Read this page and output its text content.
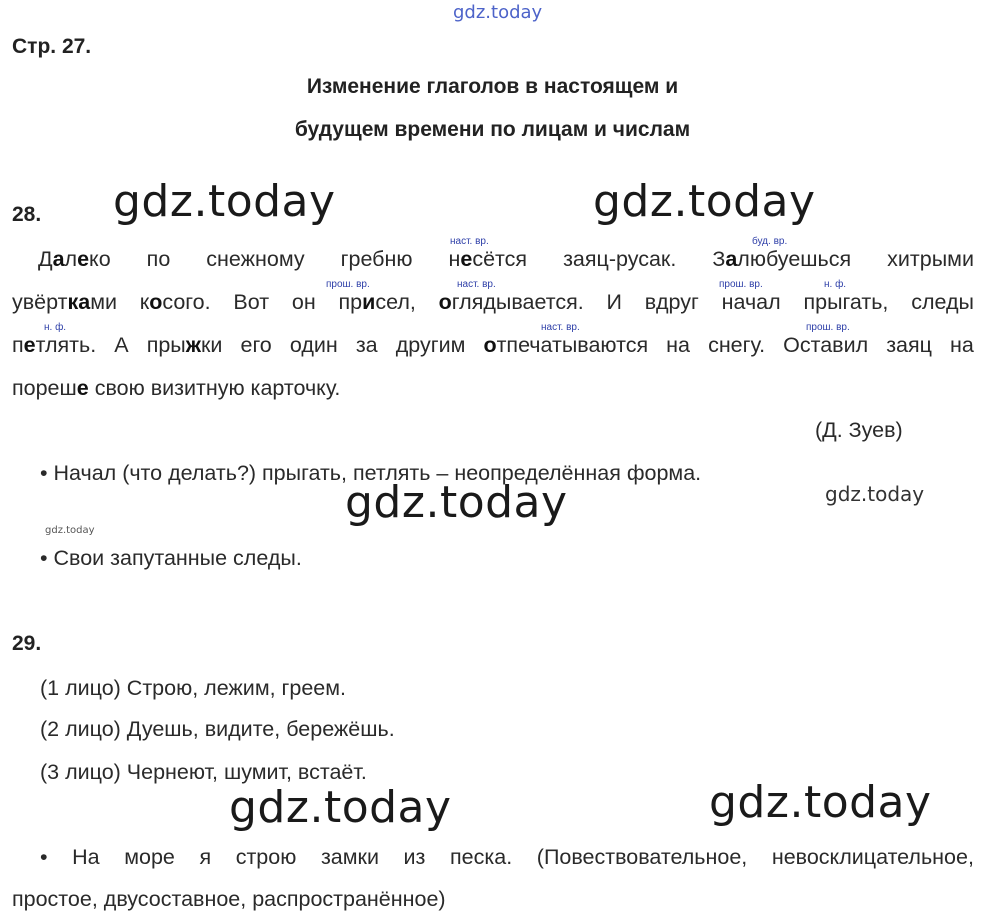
gdz.today
gdz.today	gdz.today
gdz.today	gdz.today
gdz.today
gdz.today	gdz.today
Стр. 27.
Изменение глаголов в настоящем и
будущем времени по лицам и числам
28.
наст. вр.	буд. вр.
прош. вр.	наст. вр.	прош. вр.	н. ф.
н. ф.	наст. вр.	прош. вр.
Далеко по снежному гребню несётся заяц-русак. Залюбуешься хитрыми
увёртками косого. Вот он присел, оглядывается. И вдруг начал прыгать, следы
петлять. А прыжки его один за другим отпечатываются на снегу. Оставил заяц на
пореше свою визитную карточку.
(Д. Зуев)
• Начал (что делать?) прыгать, петлять – неопределённая форма.
• Свои запутанные следы.
29.
(1 лицо) Строю, лежим, греем.
(2 лицо) Дуешь, видите, бережёшь.
(3 лицо) Чернеют, шумит, встаёт.
• На море я строю замки из песка. (Повествовательное, невосклицательное,
простое, двусоставное, распространённое)
